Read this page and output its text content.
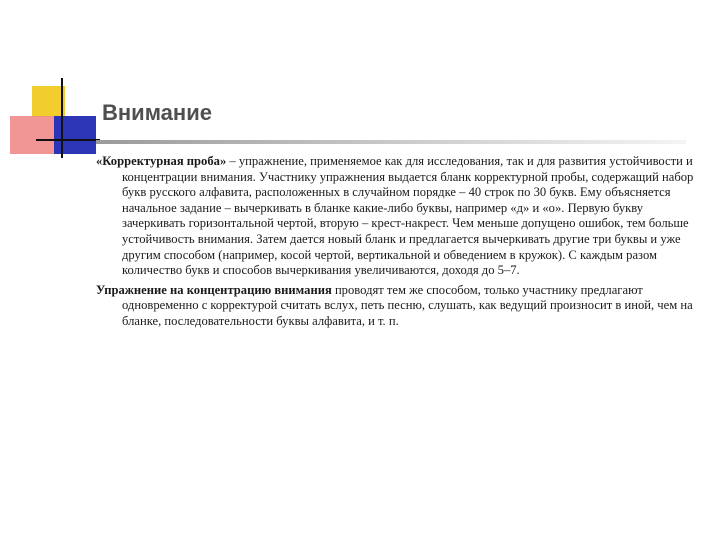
Внимание

«Корректурная проба» – упражнение, применяемое как для исследования, так и для развития устойчивости и концентрации внимания. Участнику упражнения выдается бланк корректурной пробы, содержащий набор букв русского алфавита, расположенных в случайном порядке – 40 строк по 30 букв. Ему объясняется начальное задание – вычеркивать в бланке какие-либо буквы, например «д» и «о». Первую букву зачеркивать горизонтальной чертой, вторую – крест-накрест. Чем меньше допущено ошибок, тем больше устойчивость внимания. Затем дается новый бланк и предлагается вычеркивать другие три буквы и уже другим способом (например, косой чертой, вертикальной и обведением в кружок). С каждым разом количество букв и способов вычеркивания увеличиваются, доходя до 5–7.

Упражнение на концентрацию внимания проводят тем же способом, только участнику предлагают одновременно с корректурой считать вслух, петь песню, слушать, как ведущий произносит в иной, чем на бланке, последовательности буквы алфавита, и т. п.
